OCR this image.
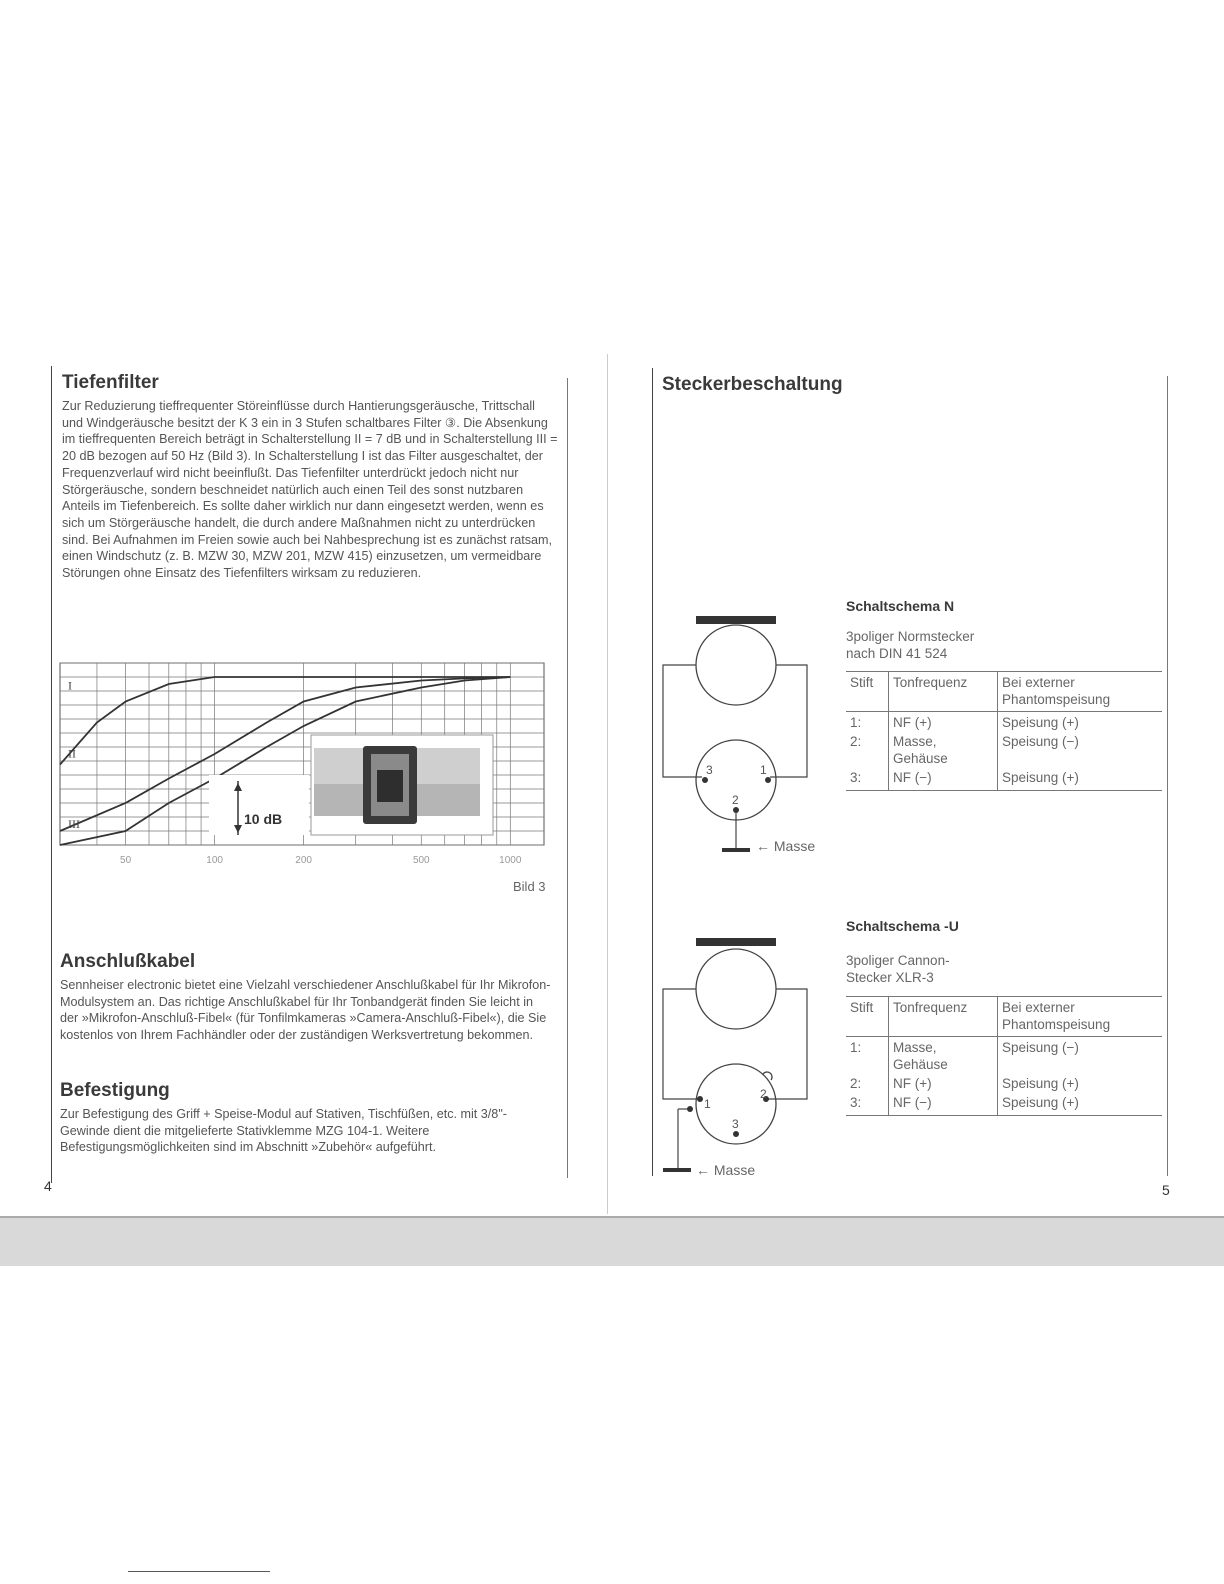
Tiefenfilter

Zur Reduzierung tieffrequenter Störeinflüsse durch Hantierungsgeräusche, Trittschall und Windgeräusche besitzt der K 3 ein in 3 Stufen schaltbares Filter ③. Die Absenkung im tieffrequenten Bereich beträgt in Schalterstellung II = 7 dB und in Schalterstellung III = 20 dB bezogen auf 50 Hz (Bild 3). In Schalterstellung I ist das Filter ausgeschaltet, der Frequenzverlauf wird nicht beeinflußt. Das Tiefenfilter unterdrückt jedoch nicht nur Störgeräusche, sondern beschneidet natürlich auch einen Teil des sonst nutzbaren Anteils im Tiefenbereich. Es sollte daher wirklich nur dann eingesetzt werden, wenn es sich um Störgeräusche handelt, die durch andere Maßnahmen nicht zu unterdrücken sind. Bei Aufnahmen im Freien sowie auch bei Nahbesprechung ist es zunächst ratsam, einen Windschutz (z. B. MZW 30, MZW 201, MZW 415) einzusetzen, um vermeidbare Störungen ohne Einsatz des Tiefenfilters wirksam zu reduzieren.

I
II
III
50	100	200	500	1000
10 dB
Bild 3
Anschlußkabel

Sennheiser electronic bietet eine Vielzahl verschiedener Anschlußkabel für Ihr Mikrofon-Modulsystem an. Das richtige Anschlußkabel für Ihr Tonbandgerät finden Sie leicht in der »Mikrofon-Anschluß-Fibel« (für Tonfilmkameras »Camera-Anschluß-Fibel«), die Sie kostenlos von Ihrem Fachhändler oder der zuständigen Werksvertretung bekommen.

Befestigung

Zur Befestigung des Griff + Speise-Modul auf Stativen, Tischfüßen, etc. mit 3/8"-Gewinde dient die mitgelieferte Stativklemme MZG 104-1. Weitere Befestigungsmöglichkeiten sind im Abschnitt »Zubehör« aufgeführt.

4
Steckerbeschaltung
3	1
2
← Masse
Schaltschema N
3poliger Normstecker
nach DIN 41 524
Stift	Tonfrequenz	Bei externer
Phantomspeisung
1:	NF (+)	Speisung (+)
2:	Masse,
Gehäuse	Speisung (−)
3:	NF (−)	Speisung (+)
1
2
3
← Masse
Schaltschema -U
3poliger Cannon-
Stecker XLR-3
Stift	Tonfrequenz	Bei externer
Phantomspeisung
1:	Masse,
Gehäuse	Speisung (−)
2:	NF (+)	Speisung (+)
3:	NF (−)	Speisung (+)
5
